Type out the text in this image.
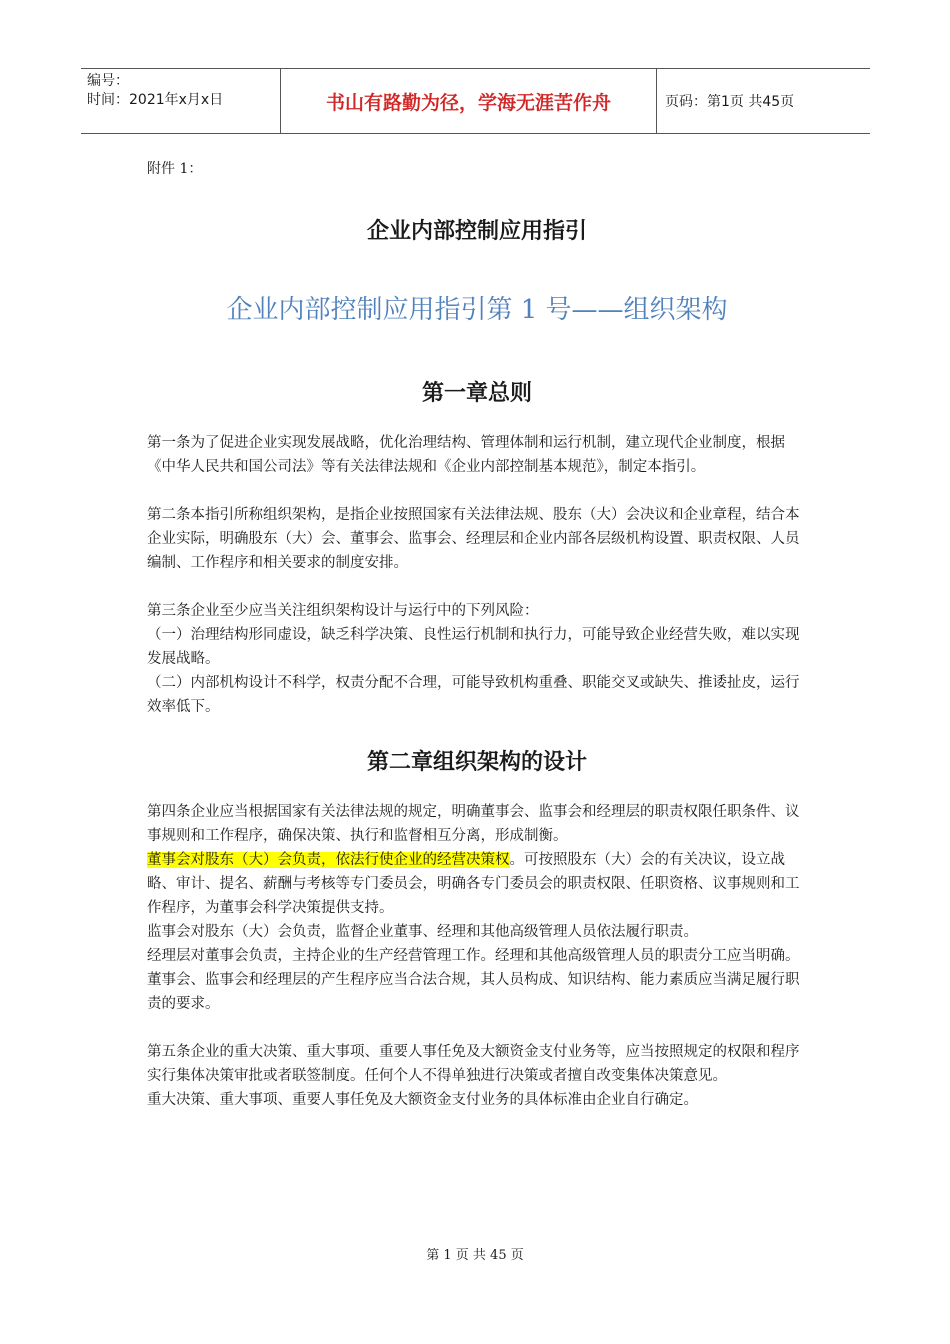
编号：
时间：2021年x月x日	书山有路勤为径，学海无涯苦作舟	页码：第1页 共45页

附件 1：

企业内部控制应用指引
企业内部控制应用指引第 1 号——组织架构
第一章总则

第一条为了促进企业实现发展战略，优化治理结构、管理体制和运行机制，建立现代企业制度，根据《中华人民共和国公司法》等有关法律法规和《企业内部控制基本规范》，制定本指引。

第二条本指引所称组织架构，是指企业按照国家有关法律法规、股东（大）会决议和企业章程，结合本企业实际，明确股东（大）会、董事会、监事会、经理层和企业内部各层级机构设置、职责权限、人员编制、工作程序和相关要求的制度安排。

第三条企业至少应当关注组织架构设计与运行中的下列风险：

（一）治理结构形同虚设，缺乏科学决策、良性运行机制和执行力，可能导致企业经营失败，难以实现发展战略。

（二）内部机构设计不科学，权责分配不合理，可能导致机构重叠、职能交叉或缺失、推诿扯皮，运行效率低下。

第二章组织架构的设计

第四条企业应当根据国家有关法律法规的规定，明确董事会、监事会和经理层的职责权限任职条件、议事规则和工作程序，确保决策、执行和监督相互分离，形成制衡。

董事会对股东（大）会负责，依法行使企业的经营决策权。可按照股东（大）会的有关决议，设立战略、审计、提名、薪酬与考核等专门委员会，明确各专门委员会的职责权限、任职资格、议事规则和工作程序，为董事会科学决策提供支持。

监事会对股东（大）会负责，监督企业董事、经理和其他高级管理人员依法履行职责。

经理层对董事会负责，主持企业的生产经营管理工作。经理和其他高级管理人员的职责分工应当明确。

董事会、监事会和经理层的产生程序应当合法合规，其人员构成、知识结构、能力素质应当满足履行职责的要求。

第五条企业的重大决策、重大事项、重要人事任免及大额资金支付业务等，应当按照规定的权限和程序实行集体决策审批或者联签制度。任何个人不得单独进行决策或者擅自改变集体决策意见。

重大决策、重大事项、重要人事任免及大额资金支付业务的具体标准由企业自行确定。

第 1 页 共 45 页
